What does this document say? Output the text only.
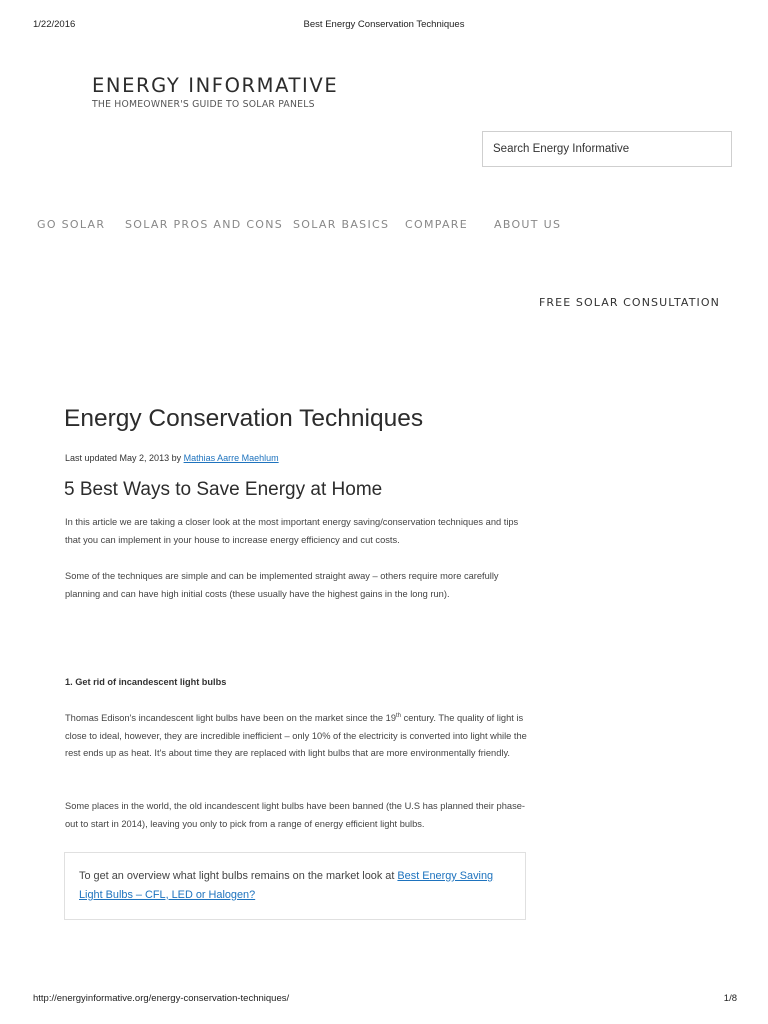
1/22/2016	Best Energy Conservation Techniques
ENERGY INFORMATIVE
THE HOMEOWNER'S GUIDE TO SOLAR PANELS
Search Energy Informative
GO SOLAR	SOLAR PROS AND CONS SOLAR BASICS	COMPARE	ABOUT US
FREE SOLAR CONSULTATION
Energy Conservation Techniques
Last updated May 2, 2013 by Mathias Aarre Maehlum
5 Best Ways to Save Energy at Home

In this article we are taking a closer look at the most important energy saving/conservation techniques and tips that you can implement in your house to increase energy efficiency and cut costs.

Some of the techniques are simple and can be implemented straight away – others require more carefully planning and can have high initial costs (these usually have the highest gains in the long run).

1. Get rid of incandescent light bulbs

Thomas Edison's incandescent light bulbs have been on the market since the 19th century. The quality of light is close to ideal, however, they are incredible inefficient – only 10% of the electricity is converted into light while the rest ends up as heat. It's about time they are replaced with light bulbs that are more environmentally friendly.

Some places in the world, the old incandescent light bulbs have been banned (the U.S has planned their phase-out to start in 2014), leaving you only to pick from a range of energy efficient light bulbs.

To get an overview what light bulbs remains on the market look at Best Energy Saving Light Bulbs – CFL, LED or Halogen?
http://energyinformative.org/energy-conservation-techniques/	1/8
